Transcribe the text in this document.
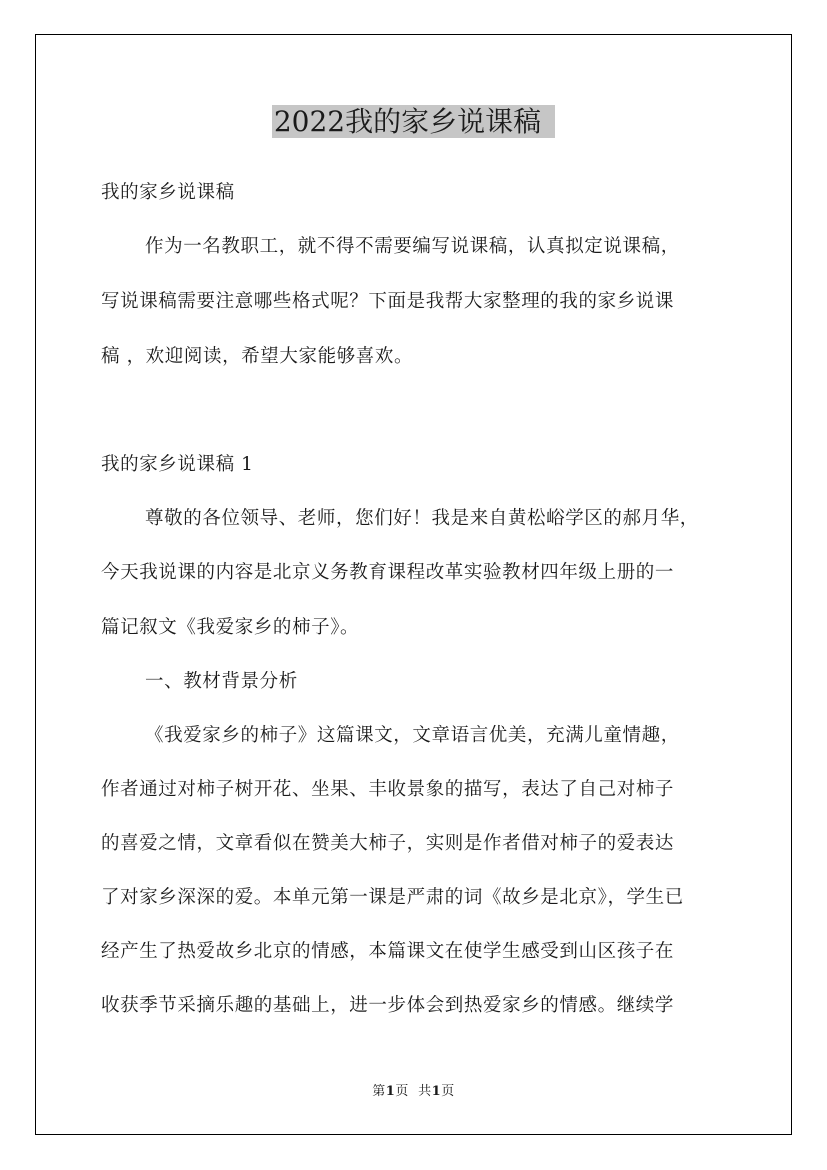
2022我的家乡说课稿
我的家乡说课稿
作为一名教职工，就不得不需要编写说课稿，认真拟定说课稿，
写说课稿需要注意哪些格式呢？下面是我帮大家整理的我的家乡说课
稿 ，欢迎阅读，希望大家能够喜欢。
我的家乡说课稿 1
尊敬的各位领导、老师，您们好！我是来自黄松峪学区的郝月华，
今天我说课的内容是北京义务教育课程改革实验教材四年级上册的一
篇记叙文《我爱家乡的柿子》。
一、教材背景分析
《我爱家乡的柿子》这篇课文，文章语言优美，充满儿童情趣，
作者通过对柿子树开花、坐果、丰收景象的描写，表达了自己对柿子
的喜爱之情，文章看似在赞美大柿子，实则是作者借对柿子的爱表达
了对家乡深深的爱。本单元第一课是严肃的词《故乡是北京》，学生已
经产生了热爱故乡北京的情感，本篇课文在使学生感受到山区孩子在
收获季节采摘乐趣的基础上，进一步体会到热爱家乡的情感。继续学
第1页 共1页
